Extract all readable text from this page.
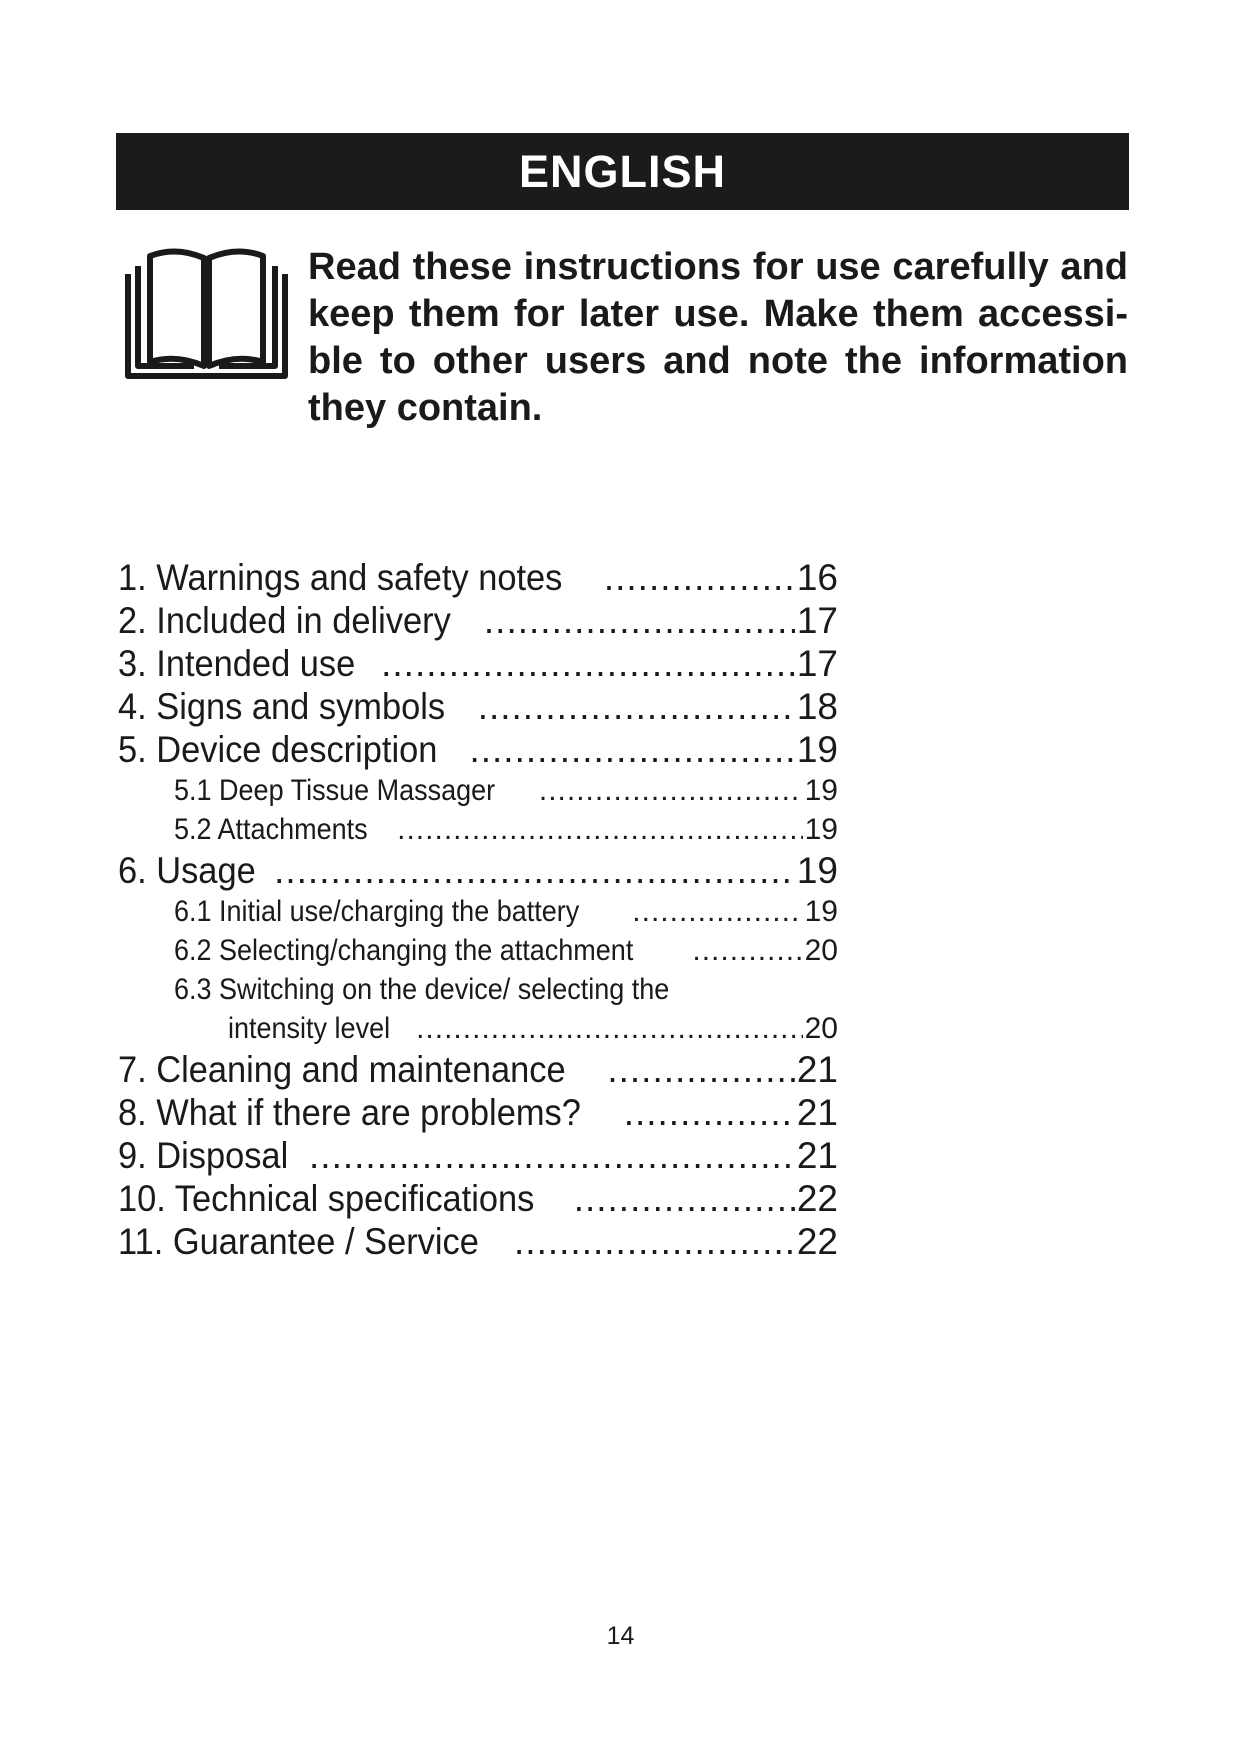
ENGLISH
Read these instructions for use carefully and keep them for later use. Make them accessi-ble to other users and note the information they contain.
1. Warnings and safety notes .....	16
2. Included in delivery .....	17
3. Intended use .....	17
4. Signs and symbols .....	18
5. Device description .....	19
5.1 Deep Tissue Massager .....	19
5.2 Attachments .....	19
6. Usage .....	19
6.1 Initial use/charging the battery .....	19
6.2 Selecting/changing the attachment .....	20
6.3 Switching on the device/ selecting the
intensity level .....	20
7. Cleaning and maintenance .....	21
8. What if there are problems? .....	21
9. Disposal .....	21
10. Technical specifications .....	22
11. Guarantee / Service .....	22
14
